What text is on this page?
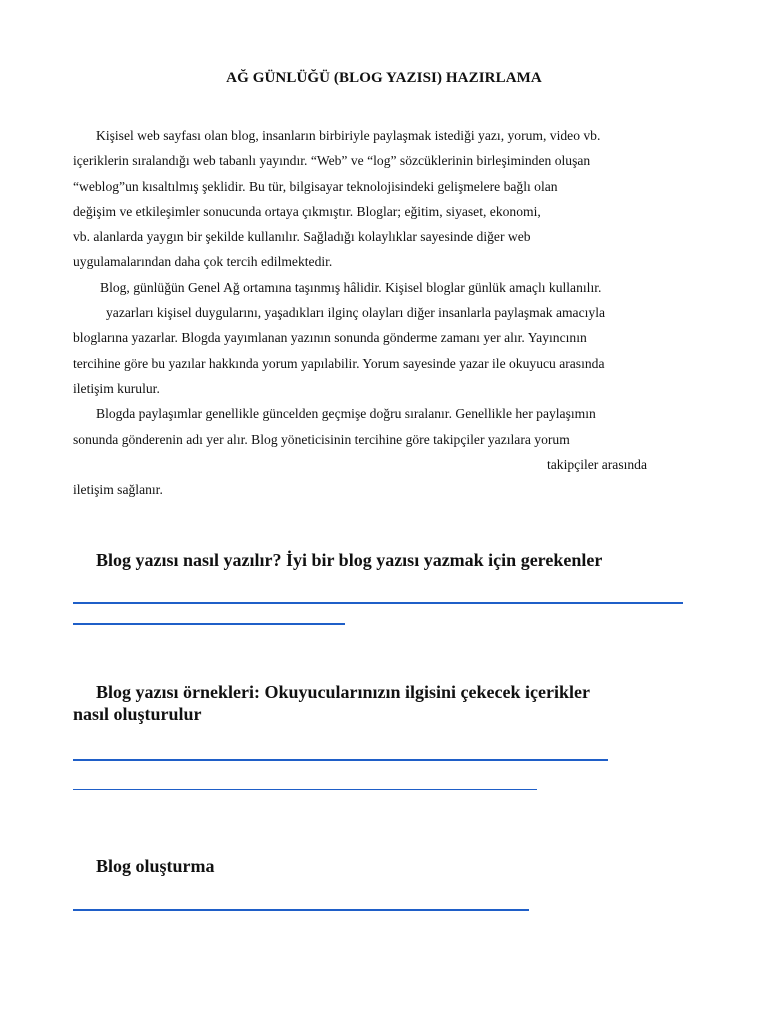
AĞ GÜNLÜĞÜ (BLOG YAZISI) HAZIRLAMA
Kişisel web sayfası olan blog, insanların birbiriyle paylaşmak istediği yazı, yorum, video vb.
içeriklerin sıralandığı web tabanlı yayındır. “Web” ve “log” sözcüklerinin birleşiminden oluşan
“weblog”un kısaltılmış şeklidir. Bu tür, bilgisayar teknolojisindeki gelişmelere bağlı olan
değişim ve etkileşimler sonucunda ortaya çıkmıştır. Bloglar; eğitim, siyaset, ekonomi,
vb. alanlarda yaygın bir şekilde kullanılır. Sağladığı kolaylıklar sayesinde diğer web
uygulamalarından daha çok tercih edilmektedir.
Blog, günlüğün Genel Ağ ortamına taşınmış hâlidir. Kişisel bloglar günlük amaçlı kullanılır.
yazarları kişisel duygularını, yaşadıkları ilginç olayları diğer insanlarla paylaşmak amacıyla
bloglarına yazarlar. Blogda yayımlanan yazının sonunda gönderme zamanı yer alır. Yayıncının
tercihine göre bu yazılar hakkında yorum yapılabilir. Yorum sayesinde yazar ile okuyucu arasında
iletişim kurulur.
Blogda paylaşımlar genellikle güncelden geçmişe doğru sıralanır. Genellikle her paylaşımın
sonunda gönderenin adı yer alır. Blog yöneticisinin tercihine göre takipçiler yazılara yorum
takipçiler arasında
iletişim sağlanır.
Blog yazısı nasıl yazılır? İyi bir blog yazısı yazmak için gerekenler
Blog yazısı örnekleri: Okuyucularınızın ilgisini çekecek içerikler
nasıl oluşturulur
Blog oluşturma
